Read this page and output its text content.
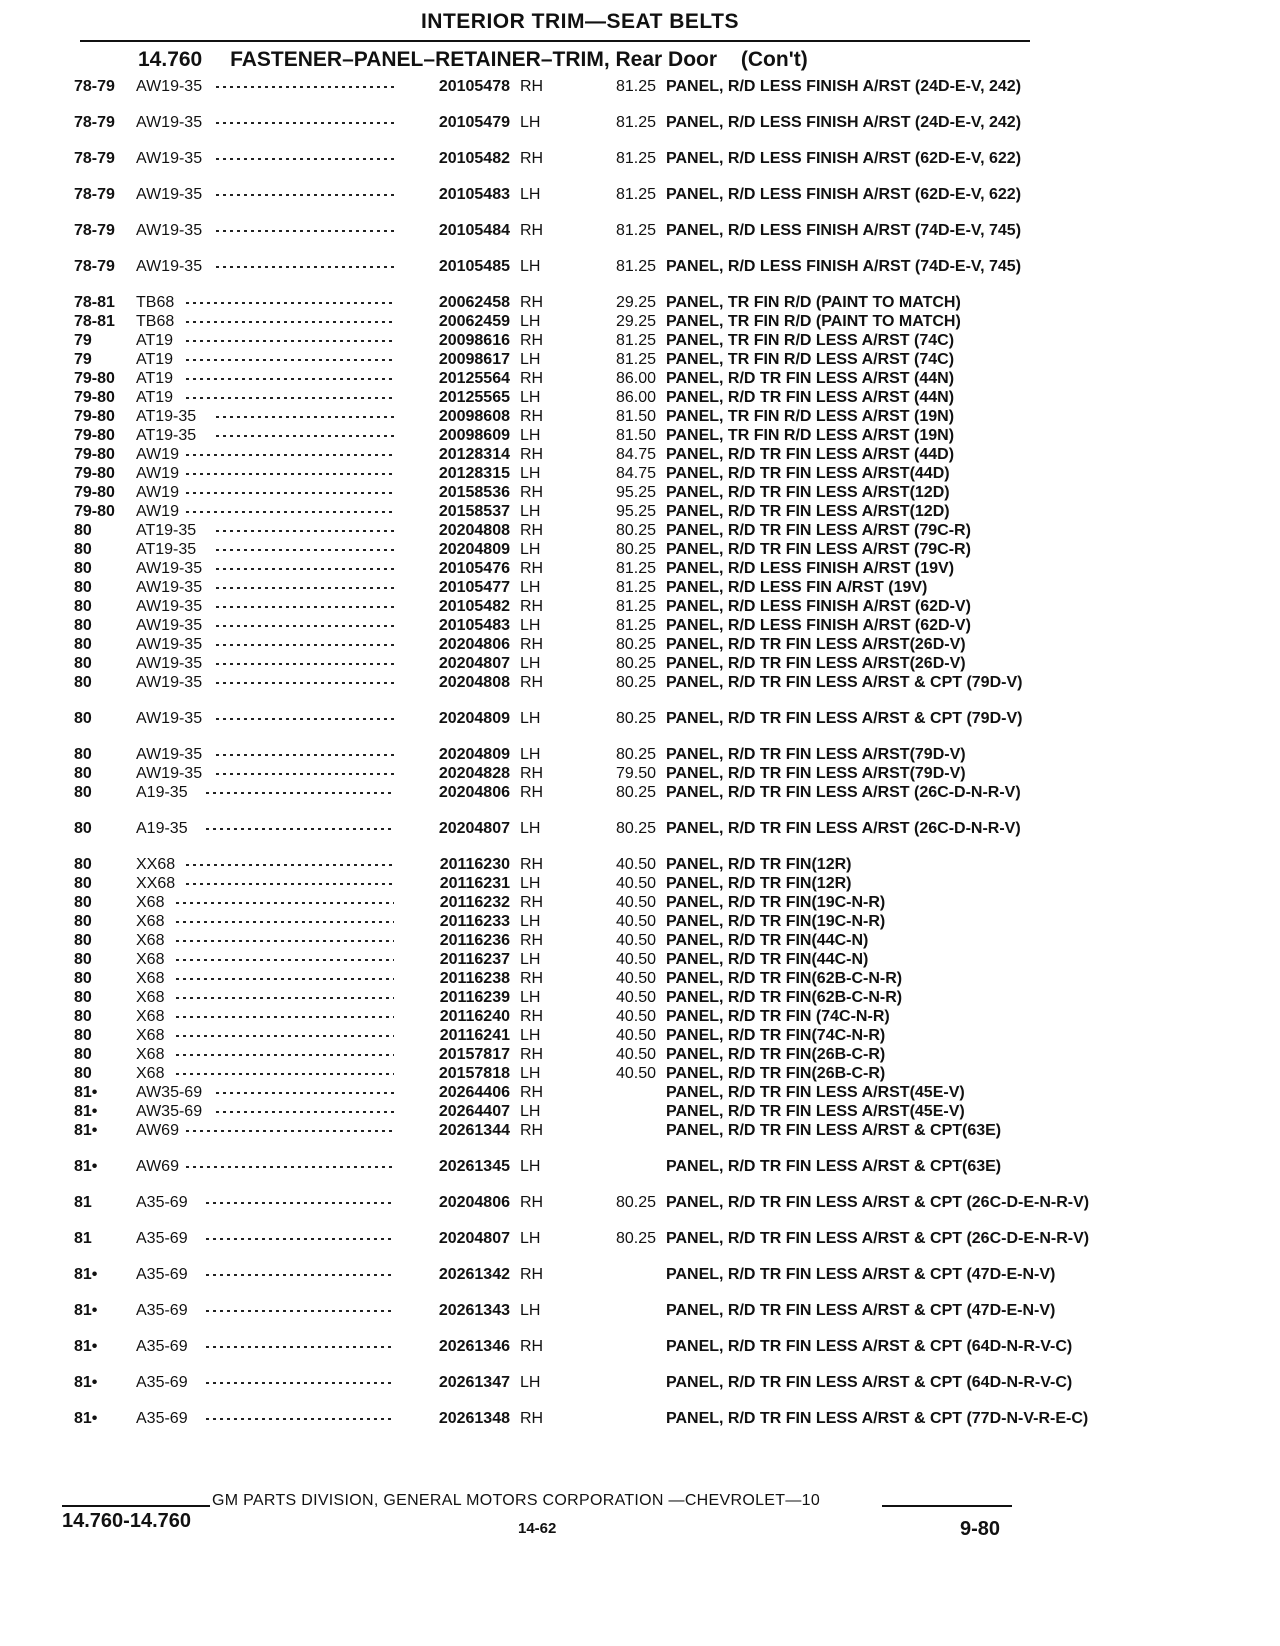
INTERIOR TRIM—SEAT BELTS
14.760 FASTENER–PANEL–RETAINER–TRIM, Rear Door (Con't)
78-79 AW19-35	20105478 RH	81.25 PANEL, R/D LESS FINISH A/RST (24D-E-V, 242)
78-79 AW19-35	20105479 LH	81.25 PANEL, R/D LESS FINISH A/RST (24D-E-V, 242)
78-79 AW19-35	20105482 RH	81.25 PANEL, R/D LESS FINISH A/RST (62D-E-V, 622)
78-79 AW19-35	20105483 LH	81.25 PANEL, R/D LESS FINISH A/RST (62D-E-V, 622)
78-79 AW19-35	20105484 RH	81.25 PANEL, R/D LESS FINISH A/RST (74D-E-V, 745)
78-79 AW19-35	20105485 LH	81.25 PANEL, R/D LESS FINISH A/RST (74D-E-V, 745)
78-81 TB68	20062458 RH	29.25 PANEL, TR FIN R/D (PAINT TO MATCH)
78-81 TB68	20062459 LH	29.25 PANEL, TR FIN R/D (PAINT TO MATCH)
79	AT19	20098616 RH	81.25 PANEL, TR FIN R/D LESS A/RST (74C)
79	AT19	20098617 LH	81.25 PANEL, TR FIN R/D LESS A/RST (74C)
79-80 AT19	20125564 RH	86.00 PANEL, R/D TR FIN LESS A/RST (44N)
79-80 AT19	20125565 LH	86.00 PANEL, R/D TR FIN LESS A/RST (44N)
79-80 AT19-35	20098608 RH	81.50 PANEL, TR FIN R/D LESS A/RST (19N)
79-80 AT19-35	20098609 LH	81.50 PANEL, TR FIN R/D LESS A/RST (19N)
79-80 AW19	20128314 RH	84.75 PANEL, R/D TR FIN LESS A/RST (44D)
79-80 AW19	20128315 LH	84.75 PANEL, R/D TR FIN LESS A/RST(44D)
79-80 AW19	20158536 RH	95.25 PANEL, R/D TR FIN LESS A/RST(12D)
79-80 AW19	20158537 LH	95.25 PANEL, R/D TR FIN LESS A/RST(12D)
80	AT19-35	20204808 RH	80.25 PANEL, R/D TR FIN LESS A/RST (79C-R)
80	AT19-35	20204809 LH	80.25 PANEL, R/D TR FIN LESS A/RST (79C-R)
80	AW19-35	20105476 RH	81.25 PANEL, R/D LESS FINISH A/RST (19V)
80	AW19-35	20105477 LH	81.25 PANEL, R/D LESS FIN A/RST (19V)
80	AW19-35	20105482 RH	81.25 PANEL, R/D LESS FINISH A/RST (62D-V)
80	AW19-35	20105483 LH	81.25 PANEL, R/D LESS FINISH A/RST (62D-V)
80	AW19-35	20204806 RH	80.25 PANEL, R/D TR FIN LESS A/RST(26D-V)
80	AW19-35	20204807 LH	80.25 PANEL, R/D TR FIN LESS A/RST(26D-V)
80	AW19-35	20204808 RH	80.25 PANEL, R/D TR FIN LESS A/RST & CPT (79D-V)
80	AW19-35	20204809 LH	80.25 PANEL, R/D TR FIN LESS A/RST & CPT (79D-V)
80	AW19-35	20204809 LH	80.25 PANEL, R/D TR FIN LESS A/RST(79D-V)
80	AW19-35	20204828 RH	79.50 PANEL, R/D TR FIN LESS A/RST(79D-V)
80	A19-35	20204806 RH	80.25 PANEL, R/D TR FIN LESS A/RST (26C-D-N-R-V)
80	A19-35	20204807 LH	80.25 PANEL, R/D TR FIN LESS A/RST (26C-D-N-R-V)
80	XX68	20116230 RH	40.50 PANEL, R/D TR FIN(12R)
80	XX68	20116231 LH	40.50 PANEL, R/D TR FIN(12R)
80	X68	20116232 RH	40.50 PANEL, R/D TR FIN(19C-N-R)
80	X68	20116233 LH	40.50 PANEL, R/D TR FIN(19C-N-R)
80	X68	20116236 RH	40.50 PANEL, R/D TR FIN(44C-N)
80	X68	20116237 LH	40.50 PANEL, R/D TR FIN(44C-N)
80	X68	20116238 RH	40.50 PANEL, R/D TR FIN(62B-C-N-R)
80	X68	20116239 LH	40.50 PANEL, R/D TR FIN(62B-C-N-R)
80	X68	20116240 RH	40.50 PANEL, R/D TR FIN (74C-N-R)
80	X68	20116241 LH	40.50 PANEL, R/D TR FIN(74C-N-R)
80	X68	20157817 RH	40.50 PANEL, R/D TR FIN(26B-C-R)
80	X68	20157818 LH	40.50 PANEL, R/D TR FIN(26B-C-R)
81• AW35-69	20264406 RH	PANEL, R/D TR FIN LESS A/RST(45E-V)
81• AW35-69	20264407 LH	PANEL, R/D TR FIN LESS A/RST(45E-V)
81• AW69	20261344 RH	PANEL, R/D TR FIN LESS A/RST & CPT(63E)
81• AW69	20261345 LH	PANEL, R/D TR FIN LESS A/RST & CPT(63E)
81	A35-69	20204806 RH	80.25 PANEL, R/D TR FIN LESS A/RST & CPT (26C-D-E-N-R-V)
81	A35-69	20204807 LH	80.25 PANEL, R/D TR FIN LESS A/RST & CPT (26C-D-E-N-R-V)
81• A35-69	20261342 RH	PANEL, R/D TR FIN LESS A/RST & CPT (47D-E-N-V)
81• A35-69	20261343 LH	PANEL, R/D TR FIN LESS A/RST & CPT (47D-E-N-V)
81• A35-69	20261346 RH	PANEL, R/D TR FIN LESS A/RST & CPT (64D-N-R-V-C)
81• A35-69	20261347 LH	PANEL, R/D TR FIN LESS A/RST & CPT (64D-N-R-V-C)
81• A35-69	20261348 RH	PANEL, R/D TR FIN LESS A/RST & CPT (77D-N-V-R-E-C)
GM PARTS DIVISION, GENERAL MOTORS CORPORATION —CHEVROLET—10
14.760-14.760	14-62	9-80
